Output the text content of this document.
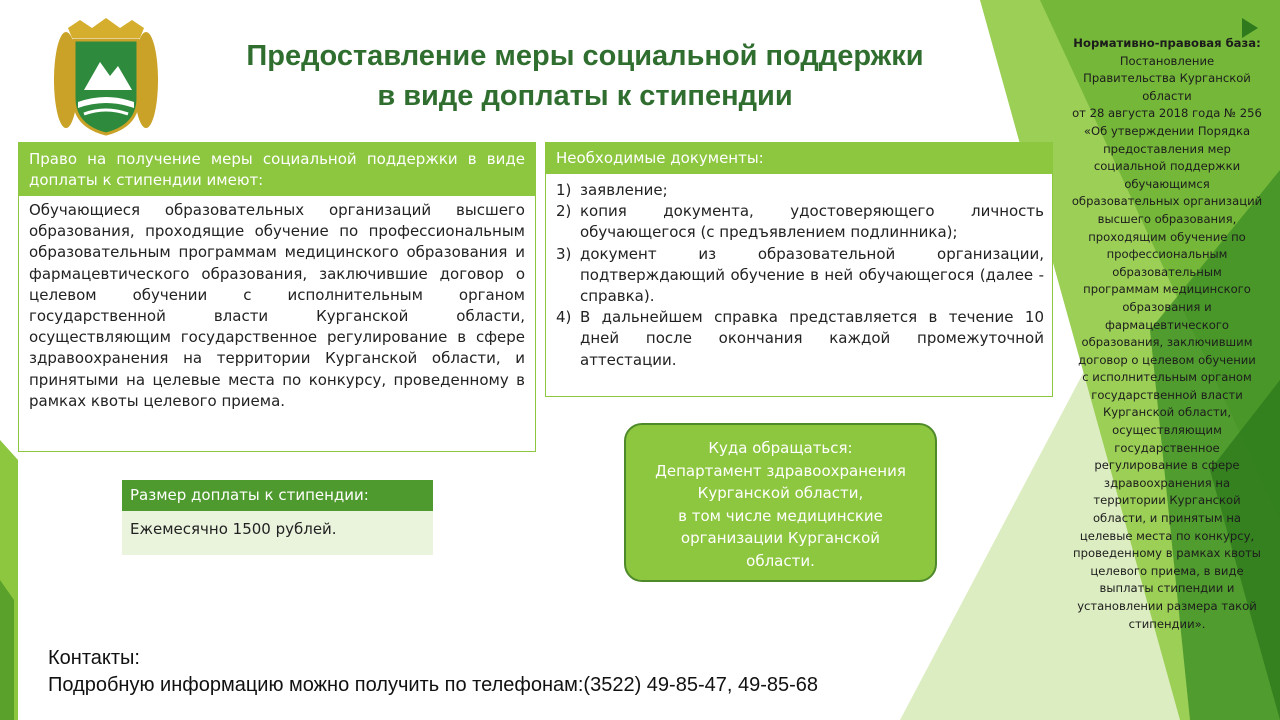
Предоставление меры социальной поддержки
в виде доплаты к стипендии
Право на получение меры социальной поддержки в виде доплаты к стипендии имеют:
Обучающиеся образовательных организаций высшего образования, проходящие обучение по профессиональным образовательным программам медицинского образования и фармацевтического образования, заключившие договор о целевом обучении с исполнительным органом государственной власти Курганской области, осуществляющим государственное регулирование в сфере здравоохранения на территории Курганской области, и принятыми на целевые места по конкурсу, проведенному в рамках квоты целевого приема.
Необходимые документы:
1) заявление;
2) копия документа, удостоверяющего личность обучающегося (с предъявлением подлинника);
3) документ из образовательной организации, подтверждающий обучение в ней обучающегося (далее - справка).
4) В дальнейшем справка представляется в течение 10 дней после окончания каждой промежуточной аттестации.
Размер доплаты к стипендии:
Ежемесячно 1500 рублей.
Куда обращаться:
Департамент здравоохранения
Курганской области,
в том числе медицинские
организации Курганской
области.
Нормативно-правовая база:
Постановление
Правительства Курганской
области
от 28 августа 2018 года № 256
«Об утверждении Порядка
предоставления мер
социальной поддержки
обучающимся
образовательных организаций
высшего образования,
проходящим обучение по
профессиональным
образовательным
программам медицинского
образования и
фармацевтического
образования, заключившим
договор о целевом обучении
с исполнительным органом
государственной власти
Курганской области,
осуществляющим
государственное
регулирование в сфере
здравоохранения на
территории Курганской
области, и принятым на
целевые места по конкурсу,
проведенному в рамках квоты
целевого приема, в виде
выплаты стипендии и
установлении размера такой
стипендии».
Контакты:
Подробную информацию можно получить по телефонам:(3522) 49-85-47, 49-85-68
